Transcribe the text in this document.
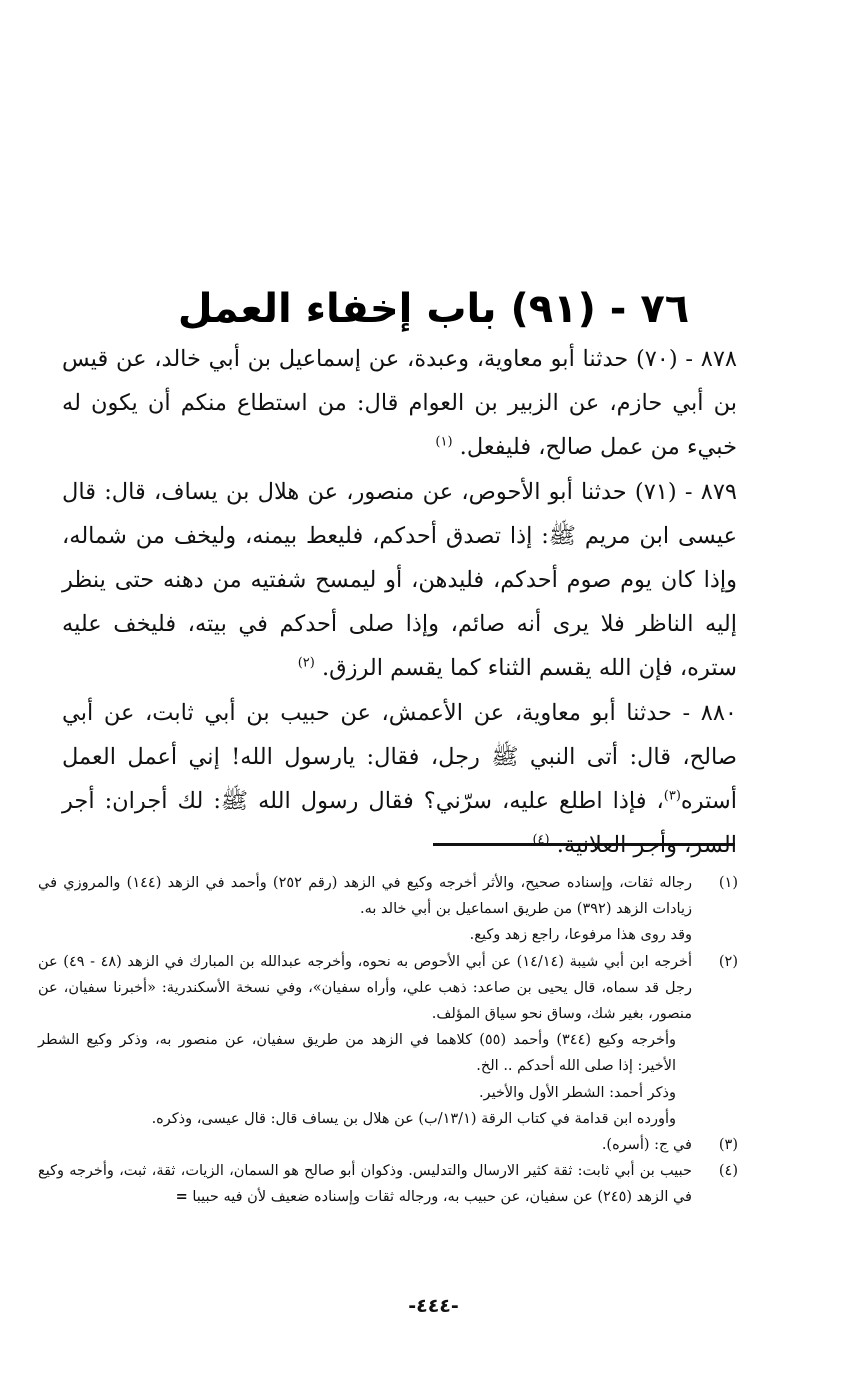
٧٦ - (٩١) باب إخفاء العمل

٨٧٨ - (٧٠) حدثنا أبو معاوية، وعبدة، عن إسماعيل بن أبي خالد، عن قيس بن أبي حازم، عن الزبير بن العوام قال: من استطاع منكم أن يكون له خبيء من عمل صالح، فليفعل. $^{(١)}$

٨٧٩ - (٧١) حدثنا أبو الأحوص، عن منصور، عن هلال بن يساف، قال: قال عيسى ابن مريم ﷺ: إذا تصدق أحدكم، فليعط بيمنه، وليخف من شماله، وإذا كان يوم صوم أحدكم، فليدهن، أو ليمسح شفتيه من دهنه حتى ينظر إليه الناظر فلا يرى أنه صائم، وإذا صلى أحدكم في بيته، فليخف عليه ستره، فإن الله يقسم الثناء كما يقسم الرزق. $^{(٢)}$

٨٨٠ - حدثنا أبو معاوية، عن الأعمش، عن حبيب بن أبي ثابت، عن أبي صالح، قال: أتى النبي ﷺ رجل، فقال: يارسول الله! إني أعمل العمل أستره$^{(٣)}$، فإذا اطلع عليه، سرّني؟ فقال رسول الله ﷺ: لك أجران: أجر السر، وأجر العلانية. $^{(٤)}$

(١)
رجاله ثقات، وإسناده صحيح، والأثر أخرجه وكيع في الزهد (رقم ٢٥٢) وأحمد في الزهد (١٤٤) والمروزي في زيادات الزهد (٣٩٢) من طريق اسماعيل بن أبي خالد به.
وقد روى هذا مرفوعا، راجع زهد وكيع.
(٢)
أخرجه ابن أبي شيبة (١٤/١٤) عن أبي الأحوص به نحوه، وأخرجه عبدالله بن المبارك في الزهد (٤٨ - ٤٩) عن رجل قد سماه، قال يحيى بن صاعد: ذهب علي، وأراه سفيان»، وفي نسخة الأسكندرية: «أخبرنا سفيان، عن منصور، بغير شك، وساق نحو سياق المؤلف.
وأخرجه وكيع (٣٤٤) وأحمد (٥٥) كلاهما في الزهد من طريق سفيان، عن منصور به، وذكر وكيع الشطر الأخير: إذا صلى الله أحدكم .. الخ.
وذكر أحمد: الشطر الأول والأخير.
وأورده ابن قدامة في كتاب الرقة (١٣/١/ب) عن هلال بن يساف قال: قال عيسى، وذكره.
(٣)
في ج: (أسره).
(٤)
حبيب بن أبي ثابت: ثقة كثير الارسال والتدليس. وذكوان أبو صالح هو السمان، الزيات، ثقة، ثبت، وأخرجه وكيع في الزهد (٢٤٥) عن سفيان، عن حبيب به، ورجاله ثقات وإسناده ضعيف لأن فيه حبيبا =
-٤٤٤-
